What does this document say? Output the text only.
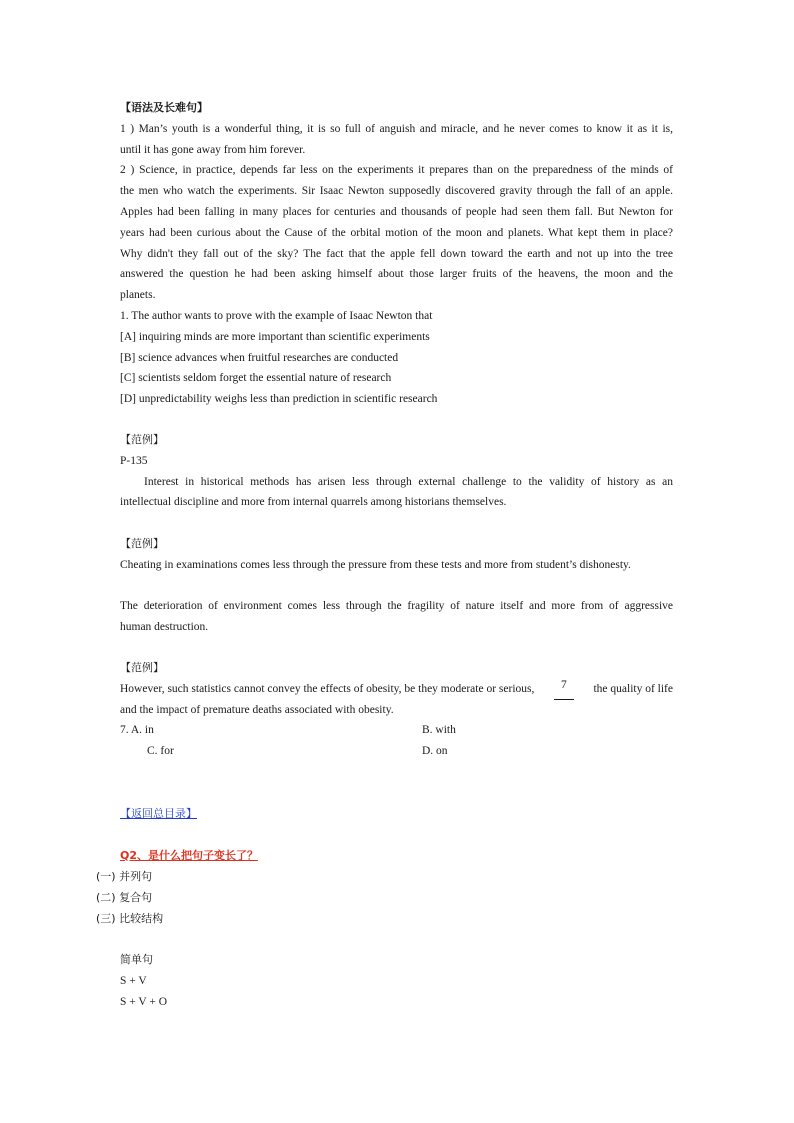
【语法及长难句】
1 ) Man’s youth is a wonderful thing, it is so full of anguish and miracle, and he never comes to know it as it is,
until it has gone away from him forever.
2 ) Science, in practice, depends far less on the experiments it prepares than on the preparedness of the minds of
the men who watch the experiments. Sir Isaac Newton supposedly discovered gravity through the fall of an apple.
Apples had been falling in many places for centuries and thousands of people had seen them fall. But Newton for
years had been curious about the Cause of the orbital motion of the moon and planets. What kept them in place?
Why didn't they fall out of the sky? The fact that the apple fell down toward the earth and not up into the tree
answered the question he had been asking himself about those larger fruits of the heavens, the moon and the
planets.
1. The author wants to prove with the example of Isaac Newton that
[A] inquiring minds are more important than scientific experiments
[B] science advances when fruitful researches are conducted
[C] scientists seldom forget the essential nature of research
[D] unpredictability weighs less than prediction in scientific research
【范例】
P-135
Interest in historical methods has arisen less through external challenge to the validity of history as an
intellectual discipline and more from internal quarrels among historians themselves.
【范例】
Cheating in examinations comes less through the pressure from these tests and more from student’s dishonesty.
The deterioration of environment comes less through the fragility of nature itself and more from of aggressive
human destruction.
【范例】
However, such statistics cannot convey the effects of obesity, be they moderate or serious,	7	the quality of life
and the impact of premature deaths associated with obesity.
7. A. in	B. with
C. for	D. on
【返回总目录】
Q2、是什么把句子变长了？
(一) 并列句
(二) 复合句
(三) 比较结构
简单句
S + V
S + V + O
